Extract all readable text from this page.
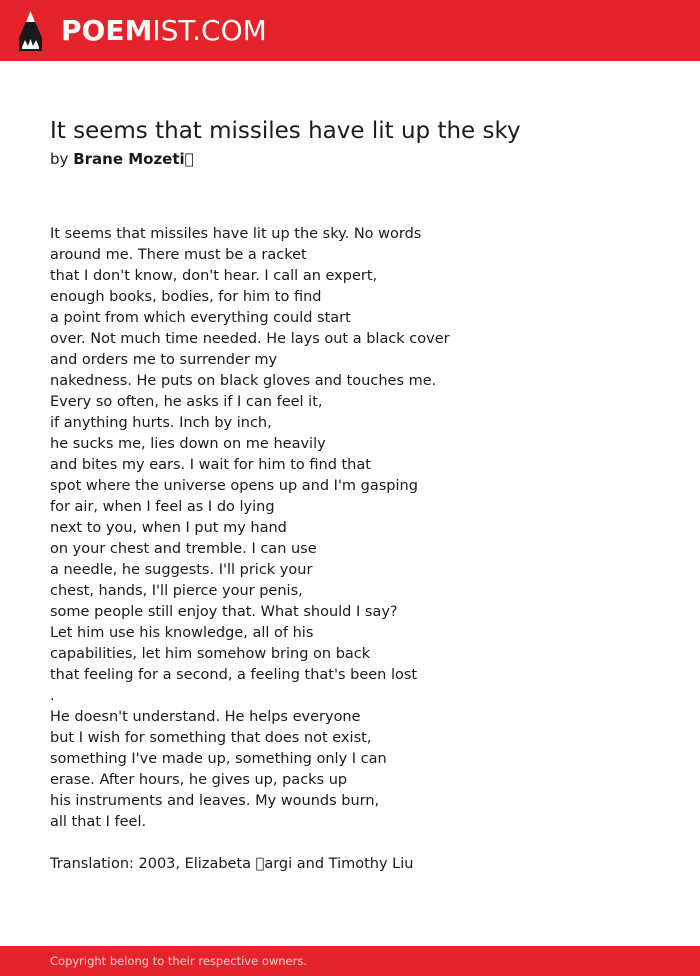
POEMIST.COM
It seems that missiles have lit up the sky
by Brane Mozeti 
It seems that missiles have lit up the sky. No words
around me. There must be a racket
that I don't know, don't hear. I call an expert,
enough books, bodies, for him to find
a point from which everything could start
over. Not much time needed. He lays out a black cover
and orders me to surrender my
nakedness. He puts on black gloves and touches me.
Every so often, he asks if I can feel it,
if anything hurts. Inch by inch,
he sucks me, lies down on me heavily
and bites my ears. I wait for him to find that
spot where the universe opens up and I'm gasping
for air, when I feel as I do lying
next to you, when I put my hand
on your chest and tremble. I can use
a needle, he suggests. I'll prick your
chest, hands, I'll pierce your penis,
some people still enjoy that. What should I say?
Let him use his knowledge, all of his
capabilities, let him somehow bring on back
that feeling for a second, a feeling that's been lost
.
He doesn't understand. He helps everyone
but I wish for something that does not exist,
something I've made up, something only I can
erase. After hours, he gives up, packs up
his instruments and leaves. My wounds burn,
all that I feel.
Translation: 2003, Elizabeta  argi and Timothy Liu
Copyright belong to their respective owners.
